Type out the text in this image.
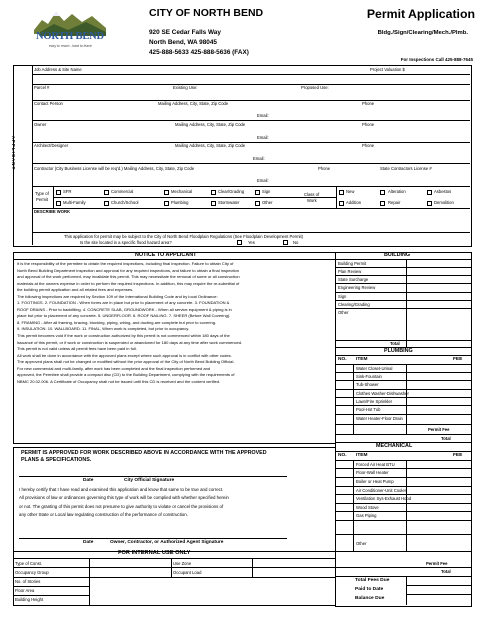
NORTH BEND
easy to reach...hard to leave
CITY OF NORTH BEND
920 SE Cedar Falls Way
North Bend, WA 98045
425-888-5633 425-888-5636 (FAX)
Permit Application
Bldg./Sign/Clearing/Mech./Plmb.
For Inspections Call 425-888-7645
A P P L I C A N T
Job Address & Site Name	Project Valuation $
Parcel #	Existing Use:	Proposed Use:
Contact Person	Mailing Address, City, State, Zip Code	Phone
Email:
Owner	Mailing Address, City, State, Zip Code	Phone
Email:
Architect/Designer	Mailing Address, City, State, Zip Code	Phone
Email:
Contractor (City Business License will be req'd.) Mailing Address, City, State, Zip Code	Phone	State Contractors License #
Email:
Type of
Permit
SFR	Commercial	Mechanical	Clear/Grading	Sign
Multi-Family	Church/School	Plumbing	Stormwater	Other
Class of
Work
New	Alteration	Asbestos
Addition	Repair	Demolition
DESCRIBE WORK
This application for permit may be subject to the City of North Bend Floodplain Regulations (See Floodplain Development Permit)
Is the site located in a specific flood hazard area?	Yes	No
NOTICE TO APPLICANT
It is the responsibility of the permitee to obtain the required inspections, including final inspection. Failure to obtain City of
North Bend Building Department inspection and approval for any required inspections, and failure to obtain a final inspection
and approval of the work performed, may invalidate this permit. This may necessitate the removal of some or all construction
materials at the owners expense in order to perform the required inspections. In addition, this may require the re-submittal of
the building permit application and all related fees and expenses.
The following inspections are required by Section 109 of the International Building Code and by local Ordinance:
1. FOOTINGS. 2. FOUNDATION - When forms are in place but prior to placement of any concrete. 3. FOUNDATION &
ROOF DRAINS - Prior to backfilling. 4. CONCRETE SLAB, GROUNDWORK - When all service equipment & piping is in
place but prior to placement of any concrete. 5. UNDERFLOOR. 6. ROOF NAILING. 7. SHEER (Before Wall Covering).
8. FRAMING - After all framing, bracing, blocking, piping, wiring, and ducting are complete but prior to covering.
9. INSULATION. 10. WALLBOARD. 11. FINAL, When work is completed, but prior to occupancy.
This permit becomes void if the work or construction authorized by this permit is not commenced within 180 days of the
issuance of this permit, or if work or construction is suspended or abandoned for 180 days at any time after work commenced.
This permit is not valid unless all permit fees have been paid in full.
All work shall be done in accordance with the approved plans except where such approval is in conflict with other codes.
The approved plans shall not be changed or modified without the prior approval of the City of North Bend Building Official.
For new commercial and multi-family, after work has been completed and the final inspection performed and
approved, the Permitee shall provide a compact disc (CD) to the Building Department, complying with the requirements of
NBMC 20.02.006. A Certificate of Occupancy shall not be issued until this CD is received and the content verified.
PERMIT IS APPROVED FOR WORK DESCRIBED ABOVE IN ACCORDANCE WITH THE APPROVED
PLANS & SPECIFICATIONS.
Date	City Official Signature
I hereby certify that I have read and examined this application and know that same to be true and correct.
All provisions of law or ordinances governing this type of work will be complied with whether specified herein
or not. The granting of this permit does not presume to give authority to violate or cancel the provisions of
any other State or Local law regulating construction of the performance of construction.
Date	Owner, Contractor, or Authorized Agent Signature
FOR INTERNAL USE ONLY
Type of Const.
Occupancy Group
No. of Stories
Floor Area
Building Height
Use Zone
Occupant Load
BUILDING
Building Permit
Plan Review
State Surcharge
Engineering Review
Sign
Clearing/Grading
Other
Total
PLUMBING
NO. ITEM	FEE
Water Closet-Urinal
Sink-Fountain
Tub-Shower
Clothes Washer-Dishwasher
Lawn/Fire Sprinkler
Pool-Hot Tub
Water Heater-Floor Drain
Permit Fee
Total
MECHANICAL
NO. ITEM	FEE
Forced Air Heat BTU
Floor-Wall Heater
Boiler or Heat Pump
Air Conditioner-Unit Cooler
Ventilation Sys-Exhaust Hood
Wood Stove
Gas Piping
Other
Permit Fee
Total
Total Fees Due
Paid to Date
Balance Due
